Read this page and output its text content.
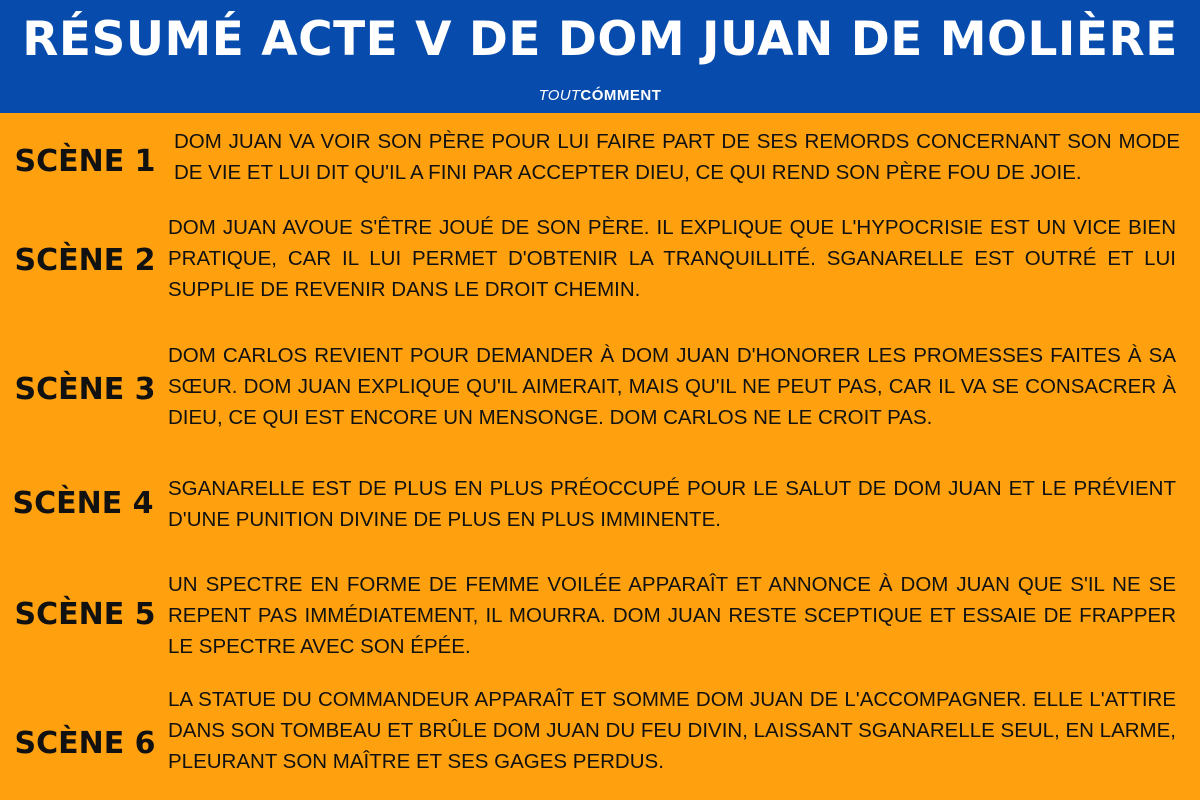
RÉSUMÉ ACTE V DE DOM JUAN DE MOLIÈRE
TOUTCÓMMENT
SCÈNE 1
DOM JUAN VA VOIR SON PÈRE POUR LUI FAIRE PART DE SES REMORDS CONCERNANT SON MODE DE VIE ET LUI DIT QU'IL A FINI PAR ACCEPTER DIEU, CE QUI REND SON PÈRE FOU DE JOIE.
SCÈNE 2
DOM JUAN AVOUE S'ÊTRE JOUÉ DE SON PÈRE. IL EXPLIQUE QUE L'HYPOCRISIE EST UN VICE BIEN PRATIQUE, CAR IL LUI PERMET D'OBTENIR LA TRANQUILLITÉ. SGANARELLE EST OUTRÉ ET LUI SUPPLIE DE REVENIR DANS LE DROIT CHEMIN.
SCÈNE 3
DOM CARLOS REVIENT POUR DEMANDER À DOM JUAN D'HONORER LES PROMESSES FAITES À SA SŒUR. DOM JUAN EXPLIQUE QU'IL AIMERAIT, MAIS QU'IL NE PEUT PAS, CAR IL VA SE CONSACRER À DIEU, CE QUI EST ENCORE UN MENSONGE. DOM CARLOS NE LE CROIT PAS.
SCÈNE 4 SGANARELLE EST DE PLUS EN PLUS PRÉOCCUPÉ POUR LE SALUT DE DOM JUAN ET LE PRÉVIENT D'UNE PUNITION DIVINE DE PLUS EN PLUS IMMINENTE.
SCÈNE 5
UN SPECTRE EN FORME DE FEMME VOILÉE APPARAÎT ET ANNONCE À DOM JUAN QUE S'IL NE SE REPENT PAS IMMÉDIATEMENT, IL MOURRA. DOM JUAN RESTE SCEPTIQUE ET ESSAIE DE FRAPPER LE SPECTRE AVEC SON ÉPÉE.
SCÈNE 6
LA STATUE DU COMMANDEUR APPARAÎT ET SOMME DOM JUAN DE L'ACCOMPAGNER. ELLE L'ATTIRE DANS SON TOMBEAU ET BRÛLE DOM JUAN DU FEU DIVIN, LAISSANT SGANARELLE SEUL, EN LARME, PLEURANT SON MAÎTRE ET SES GAGES PERDUS.
